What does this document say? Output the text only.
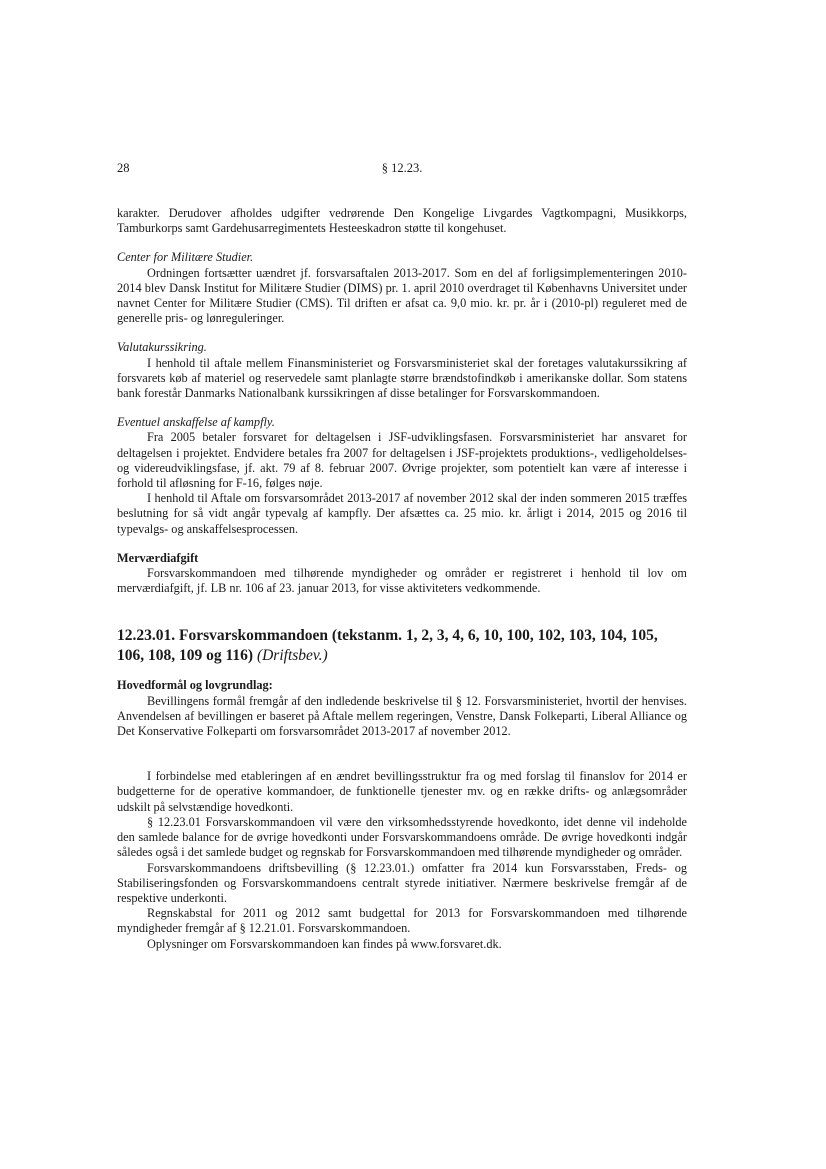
28	§ 12.23.

karakter. Derudover afholdes udgifter vedrørende Den Kongelige Livgardes Vagtkompagni, Musikkorps, Tamburkorps samt Gardehusarregimentets Hesteeskadron støtte til kongehuset.

Center for Militære Studier.

Ordningen fortsætter uændret jf. forsvarsaftalen 2013-2017. Som en del af forligsimplementeringen 2010-2014 blev Dansk Institut for Militære Studier (DIMS) pr. 1. april 2010 overdraget til Københavns Universitet under navnet Center for Militære Studier (CMS). Til driften er afsat ca. 9,0 mio. kr. pr. år i (2010-pl) reguleret med de generelle pris- og lønreguleringer.

Valutakurssikring.

I henhold til aftale mellem Finansministeriet og Forsvarsministeriet skal der foretages valutakurssikring af forsvarets køb af materiel og reservedele samt planlagte større brændstofindkøb i amerikanske dollar. Som statens bank forestår Danmarks Nationalbank kurssikringen af disse betalinger for Forsvarskommandoen.

Eventuel anskaffelse af kampfly.

Fra 2005 betaler forsvaret for deltagelsen i JSF-udviklingsfasen. Forsvarsministeriet har ansvaret for deltagelsen i projektet. Endvidere betales fra 2007 for deltagelsen i JSF-projektets produktions-, vedligeholdelses- og videreudviklingsfase, jf. akt. 79 af 8. februar 2007. Øvrige projekter, som potentielt kan være af interesse i forhold til afløsning for F-16, følges nøje.

I henhold til Aftale om forsvarsområdet 2013-2017 af november 2012 skal der inden sommeren 2015 træffes beslutning for så vidt angår typevalg af kampfly. Der afsættes ca. 25 mio. kr. årligt i 2014, 2015 og 2016 til typevalgs- og anskaffelsesprocessen.

Merværdiafgift

Forsvarskommandoen med tilhørende myndigheder og områder er registreret i henhold til lov om merværdiafgift, jf. LB nr. 106 af 23. januar 2013, for visse aktiviteters vedkommende.

12.23.01. Forsvarskommandoen (tekstanm. 1, 2, 3, 4, 6, 10, 100, 102, 103, 104, 105, 106, 108, 109 og 116) (Driftsbev.)

Hovedformål og lovgrundlag:

Bevillingens formål fremgår af den indledende beskrivelse til § 12. Forsvarsministeriet, hvortil der henvises. Anvendelsen af bevillingen er baseret på Aftale mellem regeringen, Venstre, Dansk Folkeparti, Liberal Alliance og Det Konservative Folkeparti om forsvarsområdet 2013-2017 af november 2012.

I forbindelse med etableringen af en ændret bevillingsstruktur fra og med forslag til finanslov for 2014 er budgetterne for de operative kommandoer, de funktionelle tjenester mv. og en række drifts- og anlægsområder udskilt på selvstændige hovedkonti.

§ 12.23.01 Forsvarskommandoen vil være den virksomhedsstyrende hovedkonto, idet denne vil indeholde den samlede balance for de øvrige hovedkonti under Forsvarskommandoens område. De øvrige hovedkonti indgår således også i det samlede budget og regnskab for Forsvarskommandoen med tilhørende myndigheder og områder.

Forsvarskommandoens driftsbevilling (§ 12.23.01.) omfatter fra 2014 kun Forsvarsstaben, Freds- og Stabiliseringsfonden og Forsvarskommandoens centralt styrede initiativer. Nærmere beskrivelse fremgår af de respektive underkonti.

Regnskabstal for 2011 og 2012 samt budgettal for 2013 for Forsvarskommandoen med tilhørende myndigheder fremgår af § 12.21.01. Forsvarskommandoen.

Oplysninger om Forsvarskommandoen kan findes på www.forsvaret.dk.
